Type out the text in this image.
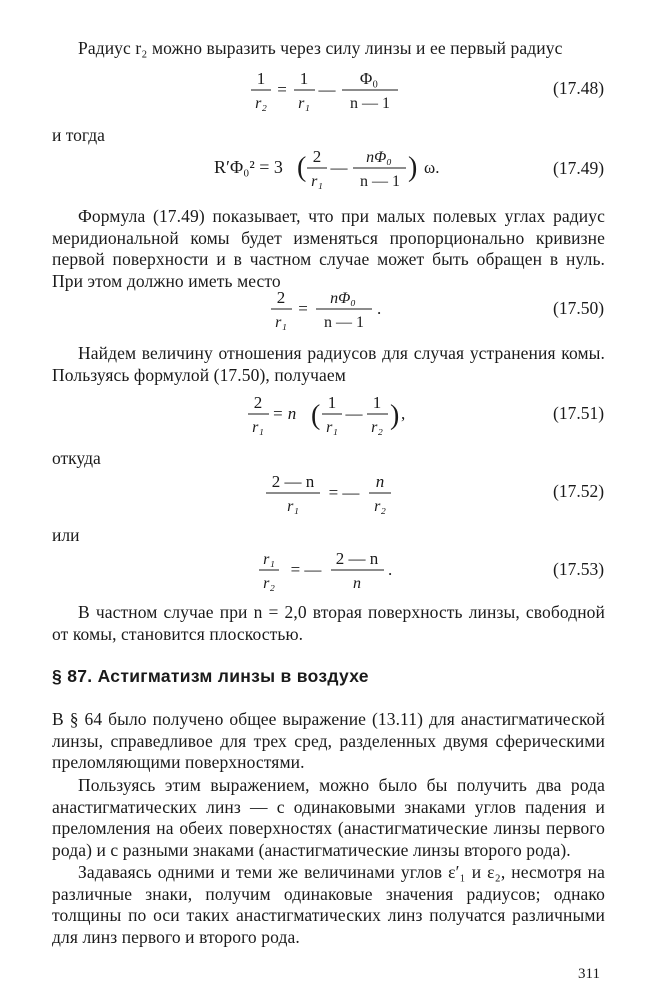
Радиус r₂ можно выразить через силу линзы и ее первый радиус
1
r₂
=
1
r₁
—
Φ₀
n — 1
(17.48)
и тогда
R′Φ₀² = 3 ( 2
r₁
—
nΦ₀
n — 1 ) ω.	(17.49)
Формула (17.49) показывает, что при малых полевых углах радиус меридиональной комы будет изменяться пропорционально кривизне первой поверхности и в частном случае может быть обращен в нуль. При этом должно иметь место
2
r₁
=
nΦ₀
n — 1
.	(17.50)
Найдем величину отношения радиусов для случая устранения комы. Пользуясь формулой (17.50), получаем
2
r₁
= n ( 1
r₁
—
1
r₂ ) ,	(17.51)
откуда
2 — n
r₁
= —
n
r₂
(17.52)
или
r₁
r₂
= —
2 — n
n
.	(17.53)
В частном случае при n = 2,0 вторая поверхность линзы, свободной от комы, становится плоскостью.
§ 87. Астигматизм линзы в воздухе
В § 64 было получено общее выражение (13.11) для анастигматической линзы, справедливое для трех сред, разделенных двумя сферическими преломляющими поверхностями.
Пользуясь этим выражением, можно было бы получить два рода анастигматических линз — с одинаковыми знаками углов падения и преломления на обеих поверхностях (анастигматические линзы первого рода) и с разными знаками (анастигматические линзы второго рода).
Задаваясь одними и теми же величинами углов ε′₁ и ε₂, несмотря на различные знаки, получим одинаковые значения радиусов; однако толщины по оси таких анастигматических линз получатся различными для линз первого и второго рода.
311
